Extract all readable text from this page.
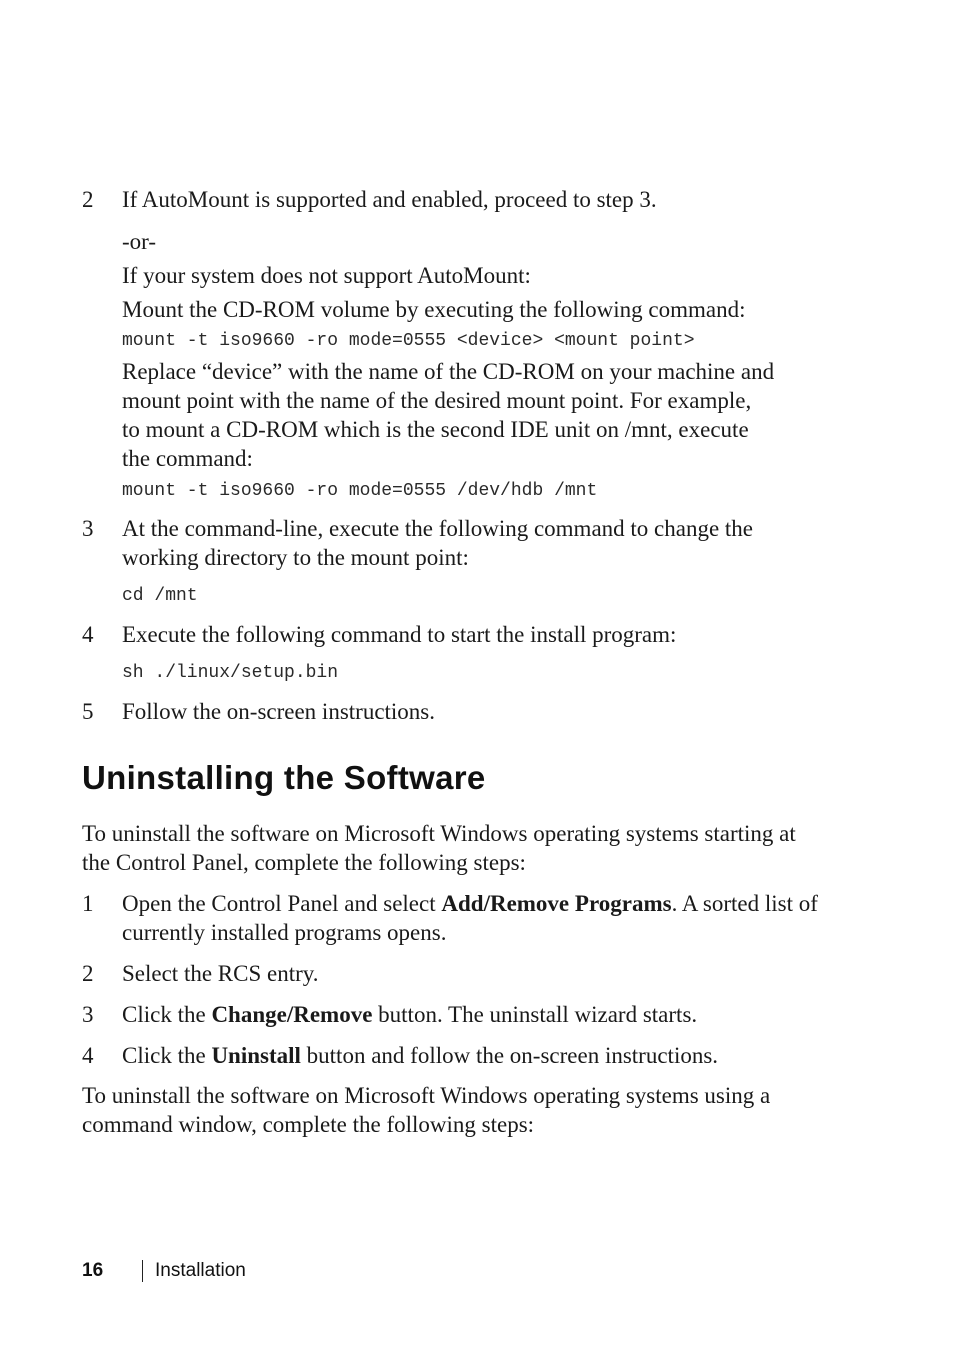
2 If AutoMount is supported and enabled, proceed to step 3.
-or-
If your system does not support AutoMount:
Mount the CD-ROM volume by executing the following command:
mount -t iso9660 -ro mode=0555 <device> <mount point>
Replace “device” with the name of the CD-ROM on your machine and
mount point with the name of the desired mount point. For example,
to mount a CD-ROM which is the second IDE unit on /mnt, execute
the command:
mount -t iso9660 -ro mode=0555 /dev/hdb /mnt
3 At the command-line, execute the following command to change the
working directory to the mount point:
cd /mnt
4 Execute the following command to start the install program:
sh ./linux/setup.bin
5 Follow the on-screen instructions.
Uninstalling the Software
To uninstall the software on Microsoft Windows operating systems starting at
the Control Panel, complete the following steps:
1 Open the Control Panel and select Add/Remove Programs. A sorted list of
currently installed programs opens.
2 Select the RCS entry.
3 Click the Change/Remove button. The uninstall wizard starts.
4 Click the Uninstall button and follow the on-screen instructions.
To uninstall the software on Microsoft Windows operating systems using a
command window, complete the following steps:
16	Installation
